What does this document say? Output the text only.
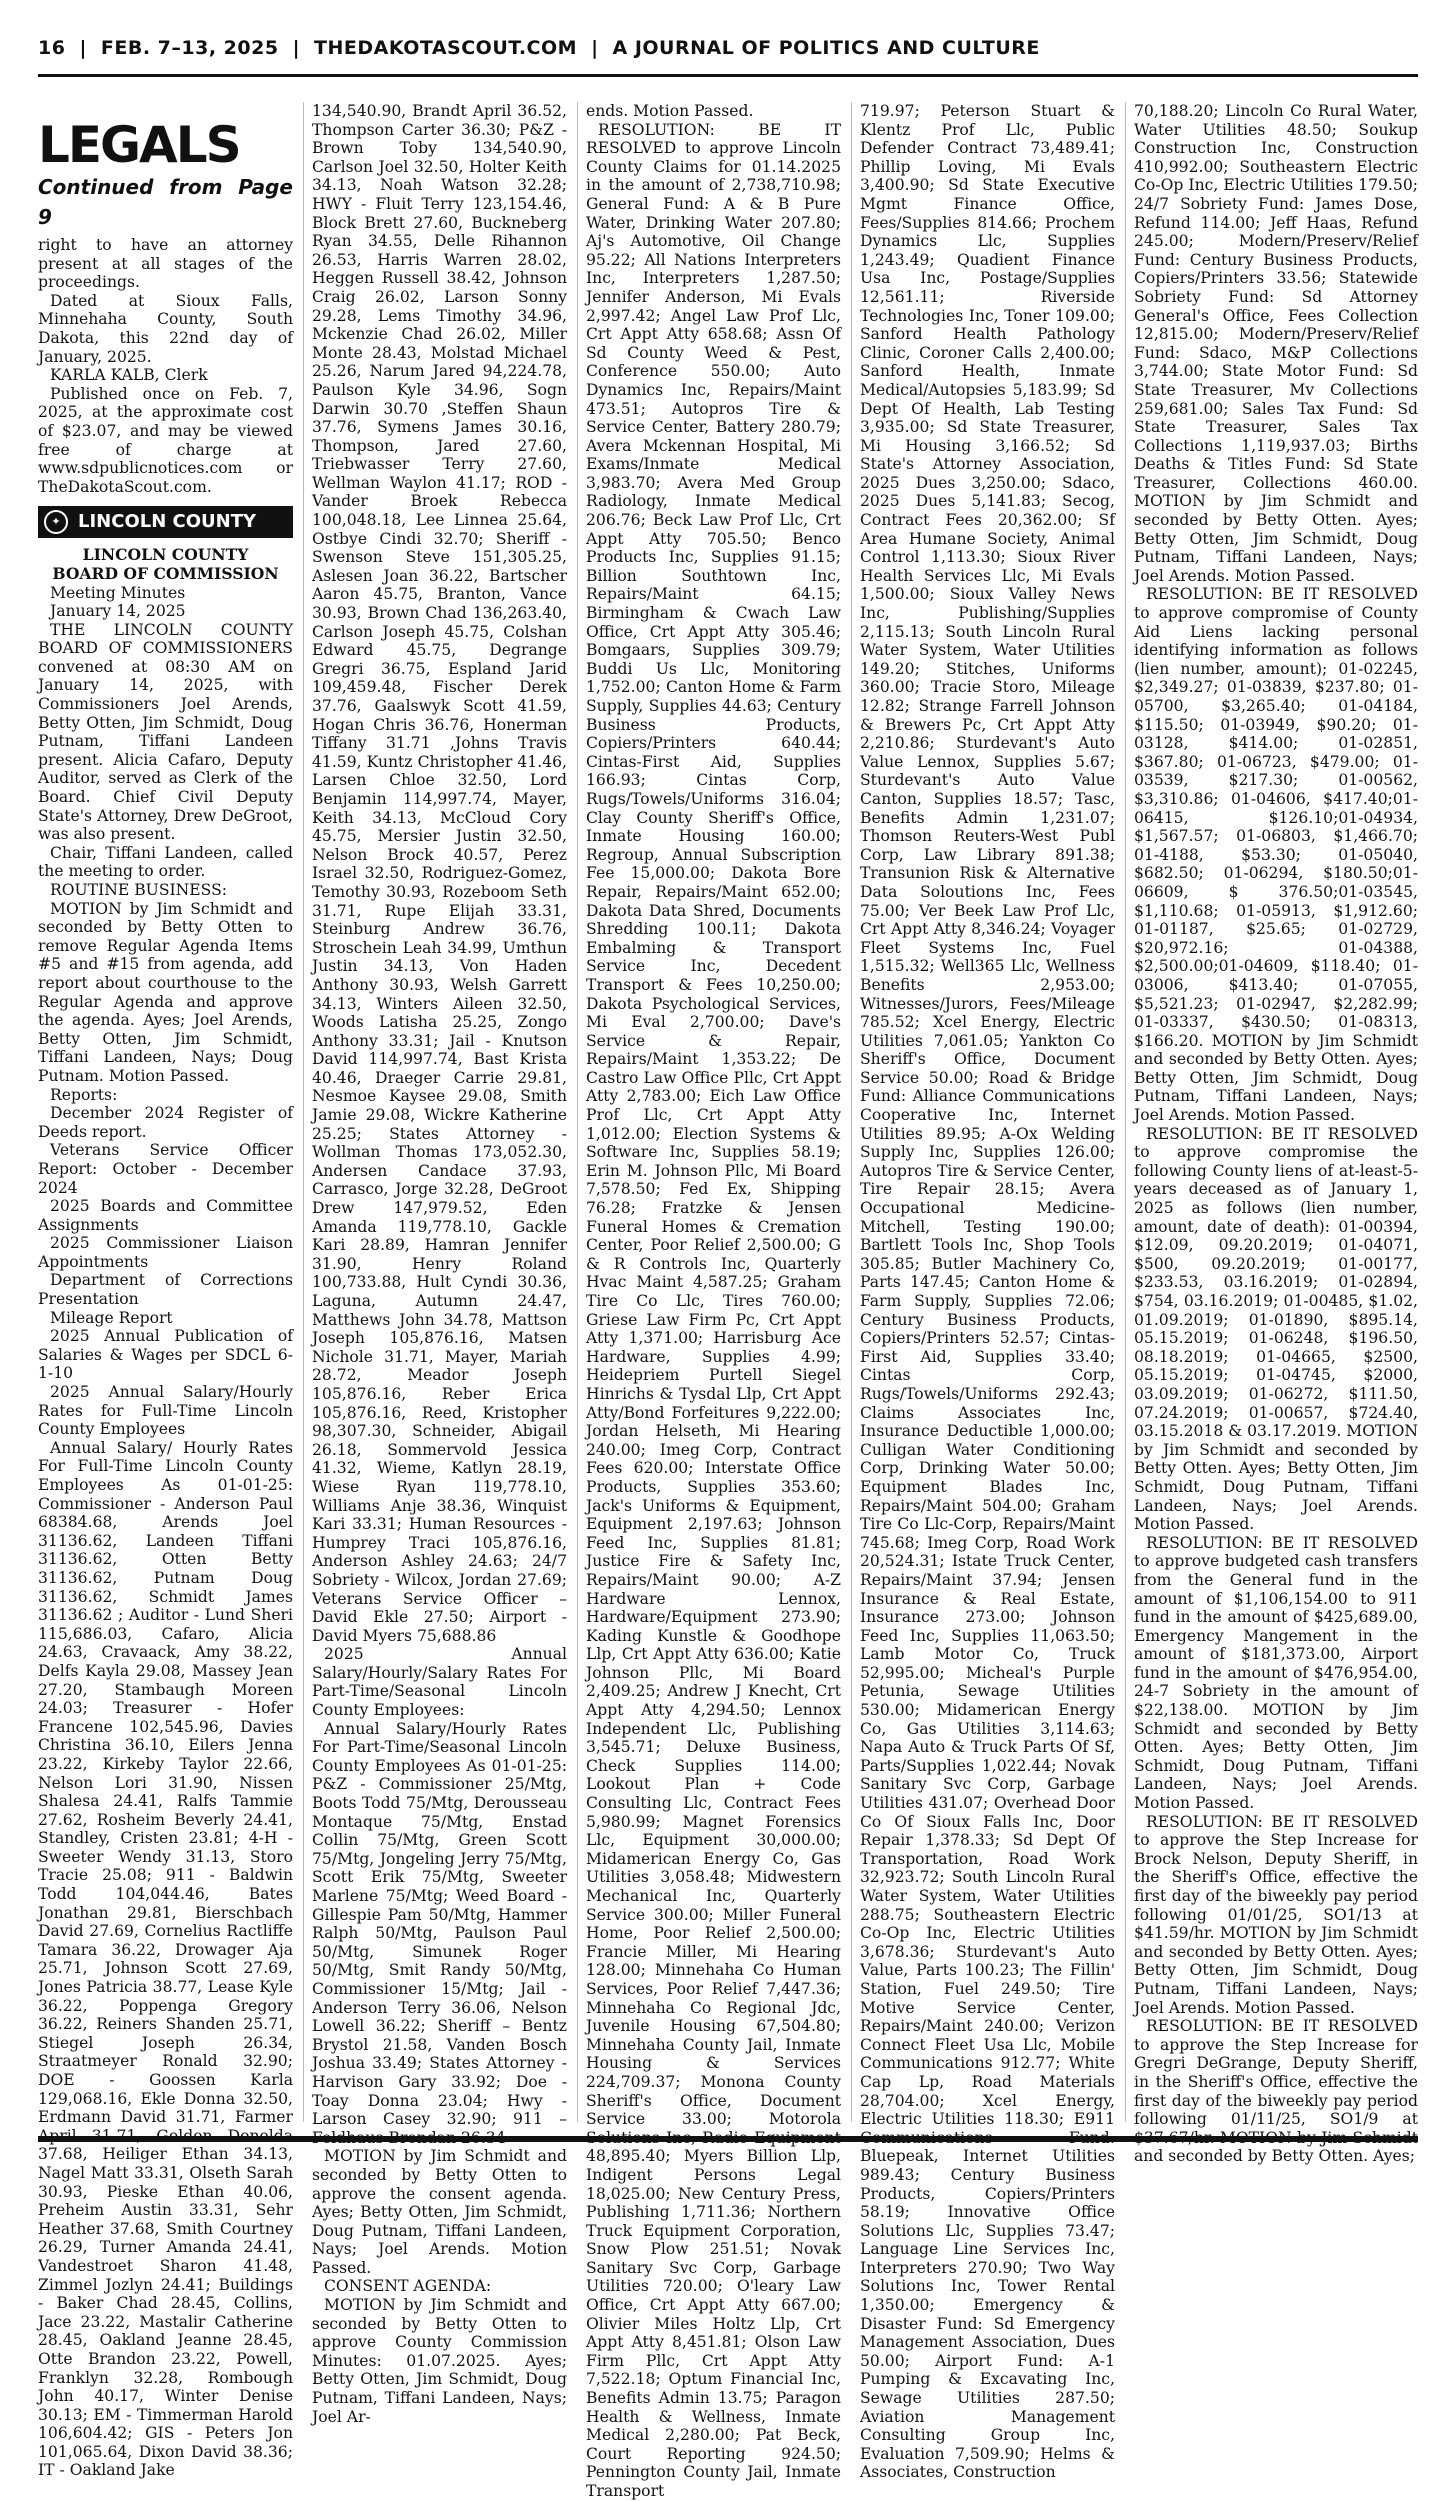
16 | FEB. 7–13, 2025 | THEDAKOTASCOUT.COM | A JOURNAL OF POLITICS AND CULTURE
LEGALS
Continued from Page 9

right to have an attorney present at all stages of the proceedings.

Dated at Sioux Falls, Minnehaha County, South Dakota, this 22nd day of January, 2025.

KARLA KALB, Clerk

Published once on Feb. 7, 2025, at the approximate cost of $23.07, and may be viewed free of charge at www.sdpublicnotices.com or TheDakotaScout.com.

✦ LINCOLN COUNTY

LINCOLN COUNTY

BOARD OF COMMISSION

Meeting Minutes

January 14, 2025

THE LINCOLN COUNTY BOARD OF COMMISSIONERS convened at 08:30 AM on January 14, 2025, with Commissioners Joel Arends, Betty Otten, Jim Schmidt, Doug Putnam, Tiffani Landeen present. Alicia Cafaro, Deputy Auditor, served as Clerk of the Board. Chief Civil Deputy State's Attorney, Drew DeGroot, was also present.

Chair, Tiffani Landeen, called the meeting to order.

ROUTINE BUSINESS:

MOTION by Jim Schmidt and seconded by Betty Otten to remove Regular Agenda Items #5 and #15 from agenda, add report about courthouse to the Regular Agenda and approve the agenda. Ayes; Joel Arends, Betty Otten, Jim Schmidt, Tiffani Landeen, Nays; Doug Putnam. Motion Passed.

Reports:

December 2024 Register of Deeds report.

Veterans Service Officer Report: October - December 2024

2025 Boards and Committee Assignments

2025 Commissioner Liaison Appointments

Department of Corrections Presentation

Mileage Report

2025 Annual Publication of Salaries & Wages per SDCL 6-1-10

2025 Annual Salary/Hourly Rates for Full-Time Lincoln County Employees

Annual Salary/ Hourly Rates For Full-Time Lincoln County Employees As 01-01-25: Commissioner - Anderson Paul 68384.68, Arends Joel 31136.62, Landeen Tiffani 31136.62, Otten Betty 31136.62, Putnam Doug 31136.62, Schmidt James 31136.62 ; Auditor - Lund Sheri 115,686.03, Cafaro, Alicia 24.63, Cravaack, Amy 38.22, Delfs Kayla 29.08, Massey Jean 27.20, Stambaugh Moreen 24.03; Treasurer - Hofer Francene 102,545.96, Davies Christina 36.10, Eilers Jenna 23.22, Kirkeby Taylor 22.66, Nelson Lori 31.90, Nissen Shalesa 24.41, Ralfs Tammie 27.62, Rosheim Beverly 24.41, Standley, Cristen 23.81; 4-H - Sweeter Wendy 31.13, Storo Tracie 25.08; 911 - Baldwin Todd 104,044.46, Bates Jonathan 29.81, Bierschbach David 27.69, Cornelius Ractliffe Tamara 36.22, Drowager Aja 25.71, Johnson Scott 27.69, Jones Patricia 38.77, Lease Kyle 36.22, Poppenga Gregory 36.22, Reiners Shanden 25.71, Stiegel Joseph 26.34, Straatmeyer Ronald 32.90; DOE - Goossen Karla 129,068.16, Ekle Donna 32.50, Erdmann David 31.71, Farmer 37.68, Heiliger Ethan 34.13, Nagel Matt 33.31, Olseth Sarah 30.93, Pieske Ethan 40.06, Preheim Austin 33.31, Sehr Heather 37.68, Smith Courtney 26.29, Turner Amanda 24.41, Vandestroet Sharon 41.48, Zimmel Jozlyn 24.41; Buildings - Baker Chad 28.45, Collins, Jace 23.22, Mastalir Catherine 28.45, Oakland Jeanne 28.45, Otte Brandon 23.22, Powell, Franklyn 32.28, Rombough John 40.17, Winter Denise 30.13; EM - Timmerman Harold 106,604.42; GIS - Peters Jon 101,065.64, Dixon David 38.36; IT - Oakland Jake

134,540.90, Brandt April 36.52, Thompson Carter 36.30; P&Z - Brown Toby 134,540.90, Carlson Joel 32.50, Holter Keith 34.13, Noah Watson 32.28; HWY - Fluit Terry 123,154.46, Block Brett 27.60, Buckneberg Ryan 34.55, Delle Rihannon 26.53, Harris Warren 28.02, Heggen Russell 38.42, Johnson Craig 26.02, Larson Sonny 29.28, Lems Timothy 34.96, Mckenzie Chad 26.02, Miller Monte 28.43, Molstad Michael 25.26, Narum Jared 94,224.78, Paulson Kyle 34.96, Sogn Darwin 30.70 ,Steffen Shaun 37.76, Symens James 30.16, Thompson, Jared 27.60, Triebwasser Terry 27.60, Wellman Waylon 41.17; ROD - Vander Broek Rebecca 100,048.18, Lee Linnea 25.64, Ostbye Cindi 32.70; Sheriff - Swenson Steve 151,305.25, Aslesen Joan 36.22, Bartscher Aaron 45.75, Branton, Vance 30.93, Brown Chad 136,263.40, Carlson Joseph 45.75, Colshan Edward 45.75, Degrange Gregri 36.75, Espland Jarid 109,459.48, Fischer Derek 37.76, Gaalswyk Scott 41.59, Hogan Chris 36.76, Honerman Tiffany 31.71 ,Johns Travis 41.59, Kuntz Christopher 41.46, Larsen Chloe 32.50, Lord Benjamin 114,997.74, Mayer, Keith 34.13, McCloud Cory 45.75, Mersier Justin 32.50, Nelson Brock 40.57, Perez Israel 32.50, Rodriguez-Gomez, Temothy 30.93, Rozeboom Seth 31.71, Rupe Elijah 33.31, Steinburg Andrew 36.76, Stroschein Leah 34.99, Umthun Justin 34.13, Von Haden Anthony 30.93, Welsh Garrett 34.13, Winters Aileen 32.50, Woods Latisha 25.25, Zongo Anthony 33.31; Jail - Knutson David 114,997.74, Bast Krista 40.46, Draeger Carrie 29.81, Nesmoe Kaysee 29.08, Smith Jamie 29.08, Wickre Katherine 25.25; States Attorney - Wollman Thomas 173,052.30, Andersen Candace 37.93, Carrasco, Jorge 32.28, DeGroot Drew 147,979.52, Eden Amanda 119,778.10, Gackle Kari 28.89, Hamran Jennifer 31.90, Henry Roland 100,733.88, Hult Cyndi 30.36, Laguna, Autumn 24.47, Matthews John 34.78, Mattson Joseph 105,876.16, Matsen Nichole 31.71, Mayer, Mariah 28.72, Meador Joseph 105,876.16, Reber Erica 105,876.16, Reed, Kristopher 98,307.30, Schneider, Abigail 26.18, Sommervold Jessica 41.32, Wieme, Katlyn 28.19, Wiese Ryan 119,778.10, Williams Anje 38.36, Winquist Kari 33.31; Human Resources - Humprey Traci 105,876.16, Anderson Ashley 24.63; 24/7 Sobriety - Wilcox, Jordan 27.69; Veterans Service Officer – David Ekle 27.50; Airport - David Myers 75,688.86

2025 Annual Salary/Hourly/Salary Rates For Part-Time/Seasonal Lincoln County Employees:

Annual Salary/Hourly Rates For Part-Time/Seasonal Lincoln County Employees As 01-01-25: P&Z - Commissioner 25/Mtg, Boots Todd 75/Mtg, Derousseau Montaque 75/Mtg, Enstad Collin 75/Mtg, Green Scott 75/Mtg, Jongeling Jerry 75/Mtg, Scott Erik 75/Mtg, Sweeter Marlene 75/Mtg; Weed Board - Gillespie Pam 50/Mtg, Hammer Ralph 50/Mtg, Paulson Paul 50/Mtg, Simunek Roger 50/Mtg, Smit Randy 50/Mtg, Commissioner 15/Mtg; Jail - Anderson Terry 36.06, Nelson Lowell 36.22; Sheriff – Bentz Brystol 21.58, Vanden Bosch Joshua 33.49; States Attorney - Harvison Gary 33.92; Doe - Toay Donna 23.04; Hwy - Larson Casey 32.90; 911 –

MOTION by Jim Schmidt and seconded by Betty Otten to approve the consent agenda. Ayes; Betty Otten, Jim Schmidt, Doug Putnam, Tiffani Landeen, Nays; Joel Arends. Motion Passed.

CONSENT AGENDA:

MOTION by Jim Schmidt and seconded by Betty Otten to approve County Commission Minutes: 01.07.2025. Ayes; Betty Otten, Jim Schmidt, Doug Putnam, Tiffani Landeen, Nays; Joel Ar-

ends. Motion Passed.

RESOLUTION: BE IT RESOLVED to approve Lincoln County Claims for 01.14.2025 in the amount of 2,738,710.98; General Fund: A & B Pure Water, Drinking Water 207.80; Aj's Automotive, Oil Change 95.22; All Nations Interpreters Inc, Interpreters 1,287.50; Jennifer Anderson, Mi Evals 2,997.42; Angel Law Prof Llc, Crt Appt Atty 658.68; Assn Of Sd County Weed & Pest, Conference 550.00; Auto Dynamics Inc, Repairs/Maint 473.51; Autopros Tire & Service Center, Battery 280.79; Avera Mckennan Hospital, Mi Exams/Inmate Medical 3,983.70; Avera Med Group Radiology, Inmate Medical 206.76; Beck Law Prof Llc, Crt Appt Atty 705.50; Benco Products Inc, Supplies 91.15; Billion Southtown Inc, Repairs/Maint 64.15; Birmingham & Cwach Law Office, Crt Appt Atty 305.46; Bomgaars, Supplies 309.79; Buddi Us Llc, Monitoring 1,752.00; Canton Home & Farm Supply, Supplies 44.63; Century Business Products, Copiers/Printers 640.44; Cintas-First Aid, Supplies 166.93; Cintas Corp, Rugs/Towels/Uniforms 316.04; Clay County Sheriff's Office, Inmate Housing 160.00; Regroup, Annual Subscription Fee 15,000.00; Dakota Bore Repair, Repairs/Maint 652.00; Dakota Data Shred, Documents Shredding 100.11; Dakota Embalming & Transport Service Inc, Decedent Transport & Fees 10,250.00; Dakota Psychological Services, Mi Eval 2,700.00; Dave's Service & Repair, Repairs/Maint 1,353.22; De Castro Law Office Pllc, Crt Appt Atty 2,783.00; Eich Law Office Prof Llc, Crt Appt Atty 1,012.00; Election Systems & Software Inc, Supplies 58.19; Erin M. Johnson Pllc, Mi Board 7,578.50; Fed Ex, Shipping 76.28; Fratzke & Jensen Funeral Homes & Cremation Center, Poor Relief 2,500.00; G & R Controls Inc, Quarterly Hvac Maint 4,587.25; Graham Tire Co Llc, Tires 760.00; Griese Law Firm Pc, Crt Appt Atty 1,371.00; Harrisburg Ace Hardware, Supplies 4.99; Heidepriem Purtell Siegel Hinrichs & Tysdal Llp, Crt Appt Atty/Bond Forfeitures 9,222.00; Jordan Helseth, Mi Hearing 240.00; Imeg Corp, Contract Fees 620.00; Interstate Office Products, Supplies 353.60; Jack's Uniforms & Equipment, Equipment 2,197.63; Johnson Feed Inc, Supplies 81.81; Justice Fire & Safety Inc, Repairs/Maint 90.00; A-Z Hardware Lennox, Hardware/Equipment 273.90; Kading Kunstle & Goodhope Llp, Crt Appt Atty 636.00; Katie Johnson Pllc, Mi Board 2,409.25; Andrew J Knecht, Crt Appt Atty 4,294.50; Lennox Independent Llc, Publishing 3,545.71; Deluxe Business, Check Supplies 114.00; Lookout Plan + Code Consulting Llc, Contract Fees 5,980.99; Magnet Forensics Llc, Equipment 30,000.00; Midamerican Energy Co, Gas Utilities 3,058.48; Midwestern Mechanical Inc, Quarterly Service 300.00; Miller Funeral Home, Poor Relief 2,500.00; Francie Miller, Mi Hearing 128.00; Minnehaha Co Human Services, Poor Relief 7,447.36; Minnehaha Co Regional Jdc, Juvenile Housing 67,504.80; Minnehaha County Jail, Inmate Housing & Services 224,709.37; Monona County Sheriff's Office, Document Service 33.00; Motorola 48,895.40; Myers Billion Llp, Indigent Persons Legal 18,025.00; New Century Press, Publishing 1,711.36; Northern Truck Equipment Corporation, Snow Plow 251.51; Novak Sanitary Svc Corp, Garbage Utilities 720.00; O'leary Law Office, Crt Appt Atty 667.00; Olivier Miles Holtz Llp, Crt Appt Atty 8,451.81; Olson Law Firm Pllc, Crt Appt Atty 7,522.18; Optum Financial Inc, Benefits Admin 13.75; Paragon Health & Wellness, Inmate Medical 2,280.00; Pat Beck, Court Reporting 924.50; Pennington County Jail, Inmate Transport

719.97; Peterson Stuart & Klentz Prof Llc, Public Defender Contract 73,489.41; Phillip Loving, Mi Evals 3,400.90; Sd State Executive Mgmt Finance Office, Fees/Supplies 814.66; Prochem Dynamics Llc, Supplies 1,243.49; Quadient Finance Usa Inc, Postage/Supplies 12,561.11; Riverside Technologies Inc, Toner 109.00; Sanford Health Pathology Clinic, Coroner Calls 2,400.00; Sanford Health, Inmate Medical/Autopsies 5,183.99; Sd Dept Of Health, Lab Testing 3,935.00; Sd State Treasurer, Mi Housing 3,166.52; Sd State's Attorney Association, 2025 Dues 3,250.00; Sdaco, 2025 Dues 5,141.83; Secog, Contract Fees 20,362.00; Sf Area Humane Society, Animal Control 1,113.30; Sioux River Health Services Llc, Mi Evals 1,500.00; Sioux Valley News Inc, Publishing/Supplies 2,115.13; South Lincoln Rural Water System, Water Utilities 149.20; Stitches, Uniforms 360.00; Tracie Storo, Mileage 12.82; Strange Farrell Johnson & Brewers Pc, Crt Appt Atty 2,210.86; Sturdevant's Auto Value Lennox, Supplies 5.67; Sturdevant's Auto Value Canton, Supplies 18.57; Tasc, Benefits Admin 1,231.07; Thomson Reuters-West Publ Corp, Law Library 891.38; Transunion Risk & Alternative Data Soloutions Inc, Fees 75.00; Ver Beek Law Prof Llc, Crt Appt Atty 8,346.24; Voyager Fleet Systems Inc, Fuel 1,515.32; Well365 Llc, Wellness Benefits 2,953.00; Witnesses/Jurors, Fees/Mileage 785.52; Xcel Energy, Electric Utilities 7,061.05; Yankton Co Sheriff's Office, Document Service 50.00; Road & Bridge Fund: Alliance Communications Cooperative Inc, Internet Utilities 89.95; A-Ox Welding Supply Inc, Supplies 126.00; Autopros Tire & Service Center, Tire Repair 28.15; Avera Occupational Medicine-Mitchell, Testing 190.00; Bartlett Tools Inc, Shop Tools 305.85; Butler Machinery Co, Parts 147.45; Canton Home & Farm Supply, Supplies 72.06; Century Business Products, Copiers/Printers 52.57; Cintas-First Aid, Supplies 33.40; Cintas Corp, Rugs/Towels/Uniforms 292.43; Claims Associates Inc, Insurance Deductible 1,000.00; Culligan Water Conditioning Corp, Drinking Water 50.00; Equipment Blades Inc, Repairs/Maint 504.00; Graham Tire Co Llc-Corp, Repairs/Maint 745.68; Imeg Corp, Road Work 20,524.31; Istate Truck Center, Repairs/Maint 37.94; Jensen Insurance & Real Estate, Insurance 273.00; Johnson Feed Inc, Supplies 11,063.50; Lamb Motor Co, Truck 52,995.00; Micheal's Purple Petunia, Sewage Utilities 530.00; Midamerican Energy Co, Gas Utilities 3,114.63; Napa Auto & Truck Parts Of Sf, Parts/Supplies 1,022.44; Novak Sanitary Svc Corp, Garbage Utilities 431.07; Overhead Door Co Of Sioux Falls Inc, Door Repair 1,378.33; Sd Dept Of Transportation, Road Work 32,923.72; South Lincoln Rural Water System, Water Utilities 288.75; Southeastern Electric Co-Op Inc, Electric Utilities 3,678.36; Sturdevant's Auto Value, Parts 100.23; The Fillin' Station, Fuel 249.50; Tire Motive Service Center, Repairs/Maint 240.00; Verizon Connect Fleet Usa Llc, Mobile Communications 912.77; White Cap Lp, Road Materials 28,704.00; Xcel Energy, Electric Utilities 118.30; E911 Bluepeak, Internet Utilities 989.43; Century Business Products, Copiers/Printers 58.19; Innovative Office Solutions Llc, Supplies 73.47; Language Line Services Inc, Interpreters 270.90; Two Way Solutions Inc, Tower Rental 1,350.00; Emergency & Disaster Fund: Sd Emergency Management Association, Dues 50.00; Airport Fund: A-1 Pumping & Excavating Inc, Sewage Utilities 287.50; Aviation Management Consulting Group Inc, Evaluation 7,509.90; Helms & Associates, Construction

70,188.20; Lincoln Co Rural Water, Water Utilities 48.50; Soukup Construction Inc, Construction 410,992.00; Southeastern Electric Co-Op Inc, Electric Utilities 179.50; 24/7 Sobriety Fund: James Dose, Refund 114.00; Jeff Haas, Refund 245.00; Modern/Preserv/Relief Fund: Century Business Products, Copiers/Printers 33.56; Statewide Sobriety Fund: Sd Attorney General's Office, Fees Collection 12,815.00; Modern/Preserv/Relief Fund: Sdaco, M&P Collections 3,744.00; State Motor Fund: Sd State Treasurer, Mv Collections 259,681.00; Sales Tax Fund: Sd State Treasurer, Sales Tax Collections 1,119,937.03; Births Deaths & Titles Fund: Sd State Treasurer, Collections 460.00. MOTION by Jim Schmidt and seconded by Betty Otten. Ayes; Betty Otten, Jim Schmidt, Doug Putnam, Tiffani Landeen, Nays; Joel Arends. Motion Passed.

RESOLUTION: BE IT RESOLVED to approve compromise of County Aid Liens lacking personal identifying information as follows (lien number, amount); 01-02245, $2,349.27; 01-03839, $237.80; 01-05700, $3,265.40; 01-04184, $115.50; 01-03949, $90.20; 01-03128, $414.00; 01-02851, $367.80; 01-06723, $479.00; 01-03539, $217.30; 01-00562, $3,310.86; 01-04606, $417.40;01-06415, $126.10;01-04934, $1,567.57; 01-06803, $1,466.70; 01-4188, $53.30; 01-05040, $682.50; 01-06294, $180.50;01-06609, $ 376.50;01-03545, $1,110.68; 01-05913, $1,912.60; 01-01187, $25.65; 01-02729, $20,972.16; 01-04388, $2,500.00;01-04609, $118.40; 01-03006, $413.40; 01-07055, $5,521.23; 01-02947, $2,282.99; 01-03337, $430.50; 01-08313, $166.20. MOTION by Jim Schmidt and seconded by Betty Otten. Ayes; Betty Otten, Jim Schmidt, Doug Putnam, Tiffani Landeen, Nays; Joel Arends. Motion Passed.

RESOLUTION: BE IT RESOLVED to approve compromise the following County liens of at-least-5-years deceased as of January 1, 2025 as follows (lien number, amount, date of death): 01-00394, $12.09, 09.20.2019; 01-04071, $500, 09.20.2019; 01-00177, $233.53, 03.16.2019; 01-02894, $754, 03.16.2019; 01-00485, $1.02, 01.09.2019; 01-01890, $895.14, 05.15.2019; 01-06248, $196.50, 08.18.2019; 01-04665, $2500, 05.15.2019; 01-04745, $2000, 03.09.2019; 01-06272, $111.50, 07.24.2019; 01-00657, $724.40, 03.15.2018 & 03.17.2019. MOTION by Jim Schmidt and seconded by Betty Otten. Ayes; Betty Otten, Jim Schmidt, Doug Putnam, Tiffani Landeen, Nays; Joel Arends. Motion Passed.

RESOLUTION: BE IT RESOLVED to approve budgeted cash transfers from the General fund in the amount of $1,106,154.00 to 911 fund in the amount of $425,689.00, Emergency Mangement in the amount of $181,373.00, Airport fund in the amount of $476,954.00, 24-7 Sobriety in the amount of $22,138.00. MOTION by Jim Schmidt and seconded by Betty Otten. Ayes; Betty Otten, Jim Schmidt, Doug Putnam, Tiffani Landeen, Nays; Joel Arends. Motion Passed.

RESOLUTION: BE IT RESOLVED to approve the Step Increase for Brock Nelson, Deputy Sheriff, in the Sheriff's Office, effective the first day of the biweekly pay period following 01/01/25, SO1/13 at $41.59/hr. MOTION by Jim Schmidt and seconded by Betty Otten. Ayes; Betty Otten, Jim Schmidt, Doug Putnam, Tiffani Landeen, Nays; Joel Arends. Motion Passed.

RESOLUTION: BE IT RESOLVED to approve the Step Increase for Gregri DeGrange, Deputy Sheriff, in the Sheriff's Office, effective the first day of the biweekly pay period following 01/11/25, SO1/9 at and seconded by Betty Otten. Ayes;
